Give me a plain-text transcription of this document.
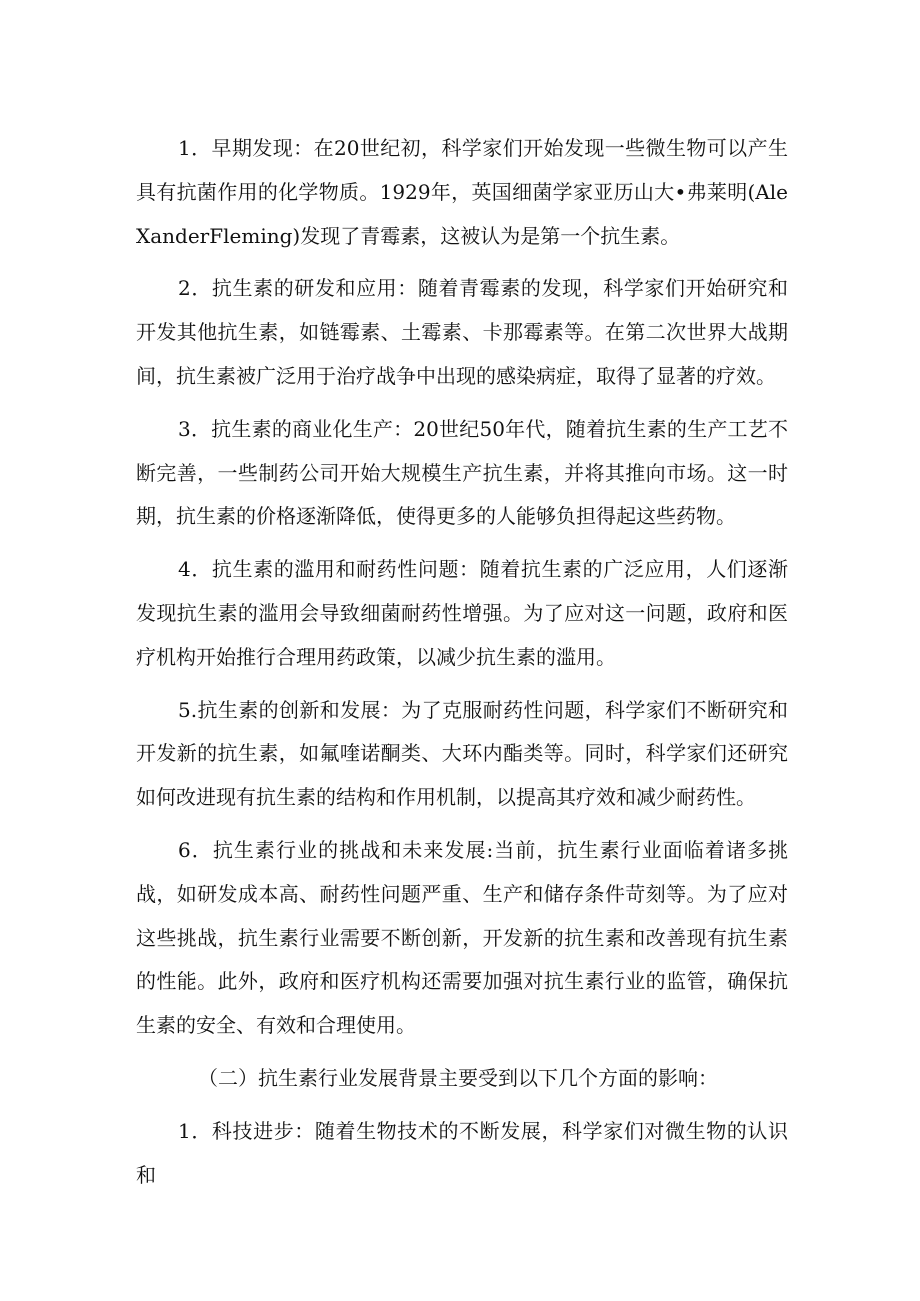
1．早期发现：在20世纪初，科学家们开始发现一些微生物可以产生具有抗菌作用的化学物质。1929年，英国细菌学家亚历山大•弗莱明(AleXanderFleming)发现了青霉素，这被认为是第一个抗生素。

2．抗生素的研发和应用：随着青霉素的发现，科学家们开始研究和开发其他抗生素，如链霉素、土霉素、卡那霉素等。在第二次世界大战期间，抗生素被广泛用于治疗战争中出现的感染病症，取得了显著的疗效。

3．抗生素的商业化生产：20世纪50年代，随着抗生素的生产工艺不断完善，一些制药公司开始大规模生产抗生素，并将其推向市场。这一时期，抗生素的价格逐渐降低，使得更多的人能够负担得起这些药物。

4．抗生素的滥用和耐药性问题：随着抗生素的广泛应用，人们逐渐发现抗生素的滥用会导致细菌耐药性增强。为了应对这一问题，政府和医疗机构开始推行合理用药政策，以减少抗生素的滥用。

5.抗生素的创新和发展：为了克服耐药性问题，科学家们不断研究和开发新的抗生素，如氟喹诺酮类、大环内酯类等。同时，科学家们还研究如何改进现有抗生素的结构和作用机制，以提高其疗效和减少耐药性。

6．抗生素行业的挑战和未来发展:当前，抗生素行业面临着诸多挑战，如研发成本高、耐药性问题严重、生产和储存条件苛刻等。为了应对这些挑战，抗生素行业需要不断创新，开发新的抗生素和改善现有抗生素的性能。此外，政府和医疗机构还需要加强对抗生素行业的监管，确保抗生素的安全、有效和合理使用。

（二）抗生素行业发展背景主要受到以下几个方面的影响：

1．科技进步：随着生物技术的不断发展，科学家们对微生物的认识和
